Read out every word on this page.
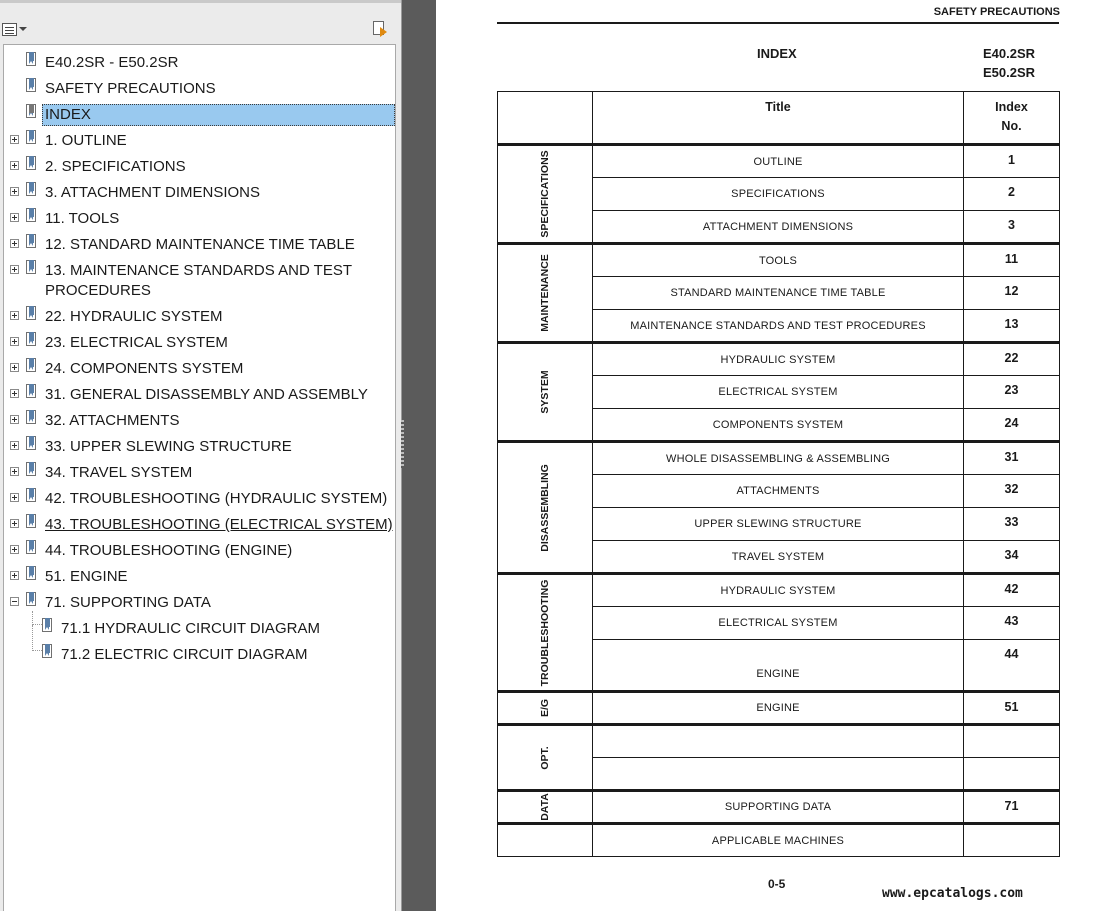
E40.2SR - E50.2SR
SAFETY PRECAUTIONS
INDEX
1. OUTLINE
2. SPECIFICATIONS
3. ATTACHMENT DIMENSIONS
11. TOOLS
12. STANDARD MAINTENANCE TIME TABLE
13. MAINTENANCE STANDARDS AND TEST PROCEDURES
22. HYDRAULIC SYSTEM
23. ELECTRICAL SYSTEM
24. COMPONENTS SYSTEM
31. GENERAL DISASSEMBLY AND ASSEMBLY
32. ATTACHMENTS
33. UPPER SLEWING STRUCTURE
34. TRAVEL SYSTEM
42. TROUBLESHOOTING (HYDRAULIC SYSTEM)
43. TROUBLESHOOTING (ELECTRICAL SYSTEM)
44. TROUBLESHOOTING (ENGINE)
51. ENGINE
71. SUPPORTING DATA
71.1 HYDRAULIC CIRCUIT DIAGRAM
71.2 ELECTRIC CIRCUIT DIAGRAM
SAFETY PRECAUTIONS
INDEX	E40.2SR
E50.2SR
	Title	Index
No.

SPECIFICATIONS	OUTLINE	1
	SPECIFICATIONS	2
	ATTACHMENT DIMENSIONS	3

MAINTENANCE	TOOLS	11
	STANDARD MAINTENANCE TIME TABLE	12
	MAINTENANCE STANDARDS AND TEST PROCEDURES	13

SYSTEM	HYDRAULIC SYSTEM	22
	ELECTRICAL SYSTEM	23
	COMPONENTS SYSTEM	24

DISASSEMBLING	WHOLE DISASSEMBLING & ASSEMBLING	31
	ATTACHMENTS	32
	UPPER SLEWING STRUCTURE	33
	TRAVEL SYSTEM	34

TROUBLESHOOTING	HYDRAULIC SYSTEM	42
	ELECTRICAL SYSTEM	43
	ENGINE	44

E/G	ENGINE	51

OPT.		

DATA	SUPPORTING DATA	71
	APPLICABLE MACHINES	
0-5
www.epcatalogs.com
